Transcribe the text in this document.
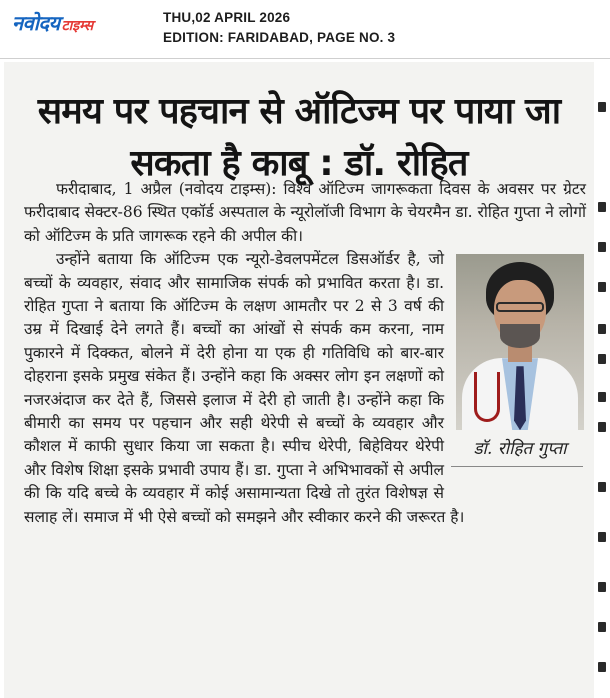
नवोदय टाइम्स
THU,02 APRIL 2026
EDITION: FARIDABAD, PAGE NO. 3
समय पर पहचान से ऑटिज्म पर पाया जा सकता है काबू : डॉ. रोहित

फरीदाबाद, 1 अप्रैल (नवोदय टाइम्स): विश्व ऑटिज्म जागरूकता दिवस के अवसर पर ग्रेटर फरीदाबाद सेक्टर-86 स्थित एकॉर्ड अस्पताल के न्यूरोलॉजी विभाग के चेयरमैन डा. रोहित गुप्ता ने लोगों को ऑटिज्म के प्रति जागरूक रहने की अपील की।

डॉ. रोहित गुप्ता

उन्होंने बताया कि ऑटिज्म एक न्यूरो-डेवलपमेंटल डिसऑर्डर है, जो बच्चों के व्यवहार, संवाद और सामाजिक संपर्क को प्रभावित करता है। डा. रोहित गुप्ता ने बताया कि ऑटिज्म के लक्षण आमतौर पर 2 से 3 वर्ष की उम्र में दिखाई देने लगते हैं। बच्चों का आंखों से संपर्क कम करना, नाम पुकारने में दिक्कत, बोलने में देरी होना या एक ही गतिविधि को बार-बार दोहराना इसके प्रमुख संकेत हैं। उन्होंने कहा कि अक्सर लोग इन लक्षणों को नजरअंदाज कर देते हैं, जिससे इलाज में देरी हो जाती है। उन्होंने कहा कि बीमारी का समय पर पहचान और सही थेरेपी से बच्चों के व्यवहार और कौशल में काफी सुधार किया जा सकता है। स्पीच थेरेपी, बिहेवियर थेरेपी और विशेष शिक्षा इसके प्रभावी उपाय हैं। डा. गुप्ता ने अभिभावकों से अपील की कि यदि बच्चे के व्यवहार में कोई असामान्यता दिखे तो तुरंत विशेषज्ञ से सलाह लें। समाज में भी ऐसे बच्चों को समझने और स्वीकार करने की जरूरत है।
